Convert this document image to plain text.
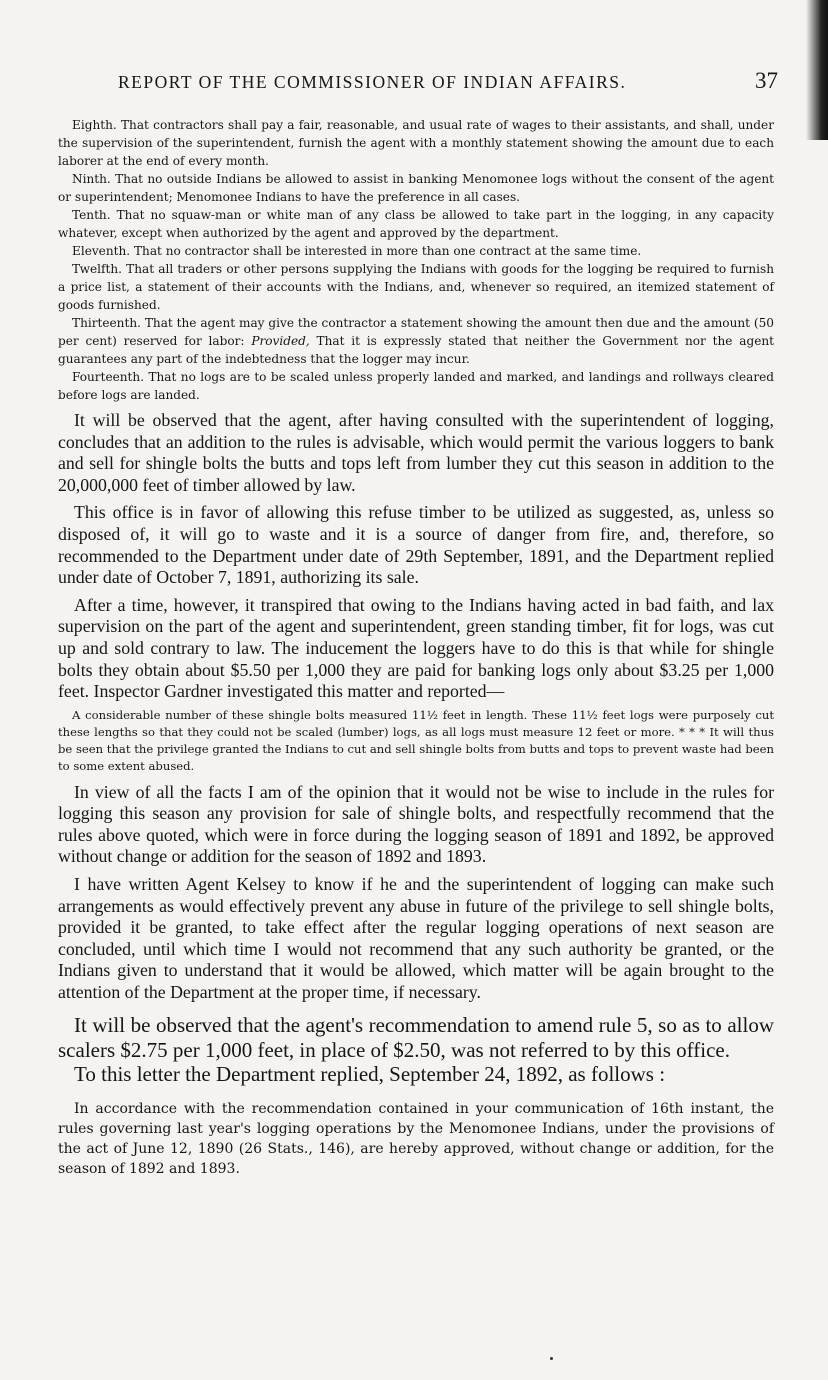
REPORT OF THE COMMISSIONER OF INDIAN AFFAIRS.	37

Eighth. That contractors shall pay a fair, reasonable, and usual rate of wages to their assistants, and shall, under the supervision of the superintendent, furnish the agent with a monthly statement showing the amount due to each laborer at the end of every month.

Ninth. That no outside Indians be allowed to assist in banking Menomonee logs without the consent of the agent or superintendent; Menomonee Indians to have the preference in all cases.

Tenth. That no squaw-man or white man of any class be allowed to take part in the logging, in any capacity whatever, except when authorized by the agent and approved by the department.

Eleventh. That no contractor shall be interested in more than one contract at the same time.

Twelfth. That all traders or other persons supplying the Indians with goods for the logging be required to furnish a price list, a statement of their accounts with the Indians, and, whenever so required, an itemized statement of goods furnished.

Thirteenth. That the agent may give the contractor a statement showing the amount then due and the amount (50 per cent) reserved for labor: Provided, That it is expressly stated that neither the Government nor the agent guarantees any part of the indebtedness that the logger may incur.

Fourteenth. That no logs are to be scaled unless properly landed and marked, and landings and rollways cleared before logs are landed.

It will be observed that the agent, after having consulted with the superintendent of logging, concludes that an addition to the rules is advisable, which would permit the various loggers to bank and sell for shingle bolts the butts and tops left from lumber they cut this season in addition to the 20,000,000 feet of timber allowed by law.

This office is in favor of allowing this refuse timber to be utilized as suggested, as, unless so disposed of, it will go to waste and it is a source of danger from fire, and, therefore, so recommended to the Department under date of 29th September, 1891, and the Department replied under date of October 7, 1891, authorizing its sale.

After a time, however, it transpired that owing to the Indians having acted in bad faith, and lax supervision on the part of the agent and superintendent, green standing timber, fit for logs, was cut up and sold contrary to law. The inducement the loggers have to do this is that while for shingle bolts they obtain about $5.50 per 1,000 they are paid for banking logs only about $3.25 per 1,000 feet. Inspector Gardner investigated this matter and reported—

A considerable number of these shingle bolts measured 11½ feet in length. These 11½ feet logs were purposely cut these lengths so that they could not be scaled (lumber) logs, as all logs must measure 12 feet or more. * * * It will thus be seen that the privilege granted the Indians to cut and sell shingle bolts from butts and tops to prevent waste had been to some extent abused.

In view of all the facts I am of the opinion that it would not be wise to include in the rules for logging this season any provision for sale of shingle bolts, and respectfully recommend that the rules above quoted, which were in force during the logging season of 1891 and 1892, be approved without change or addition for the season of 1892 and 1893.

I have written Agent Kelsey to know if he and the superintendent of logging can make such arrangements as would effectively prevent any abuse in future of the privilege to sell shingle bolts, provided it be granted, to take effect after the regular logging operations of next season are concluded, until which time I would not recommend that any such authority be granted, or the Indians given to understand that it would be allowed, which matter will be again brought to the attention of the Department at the proper time, if necessary.

It will be observed that the agent's recommendation to amend rule 5, so as to allow scalers $2.75 per 1,000 feet, in place of $2.50, was not referred to by this office.

To this letter the Department replied, September 24, 1892, as follows :

In accordance with the recommendation contained in your communication of 16th instant, the rules governing last year's logging operations by the Menomonee Indians, under the provisions of the act of June 12, 1890 (26 Stats., 146), are hereby approved, without change or addition, for the season of 1892 and 1893.
